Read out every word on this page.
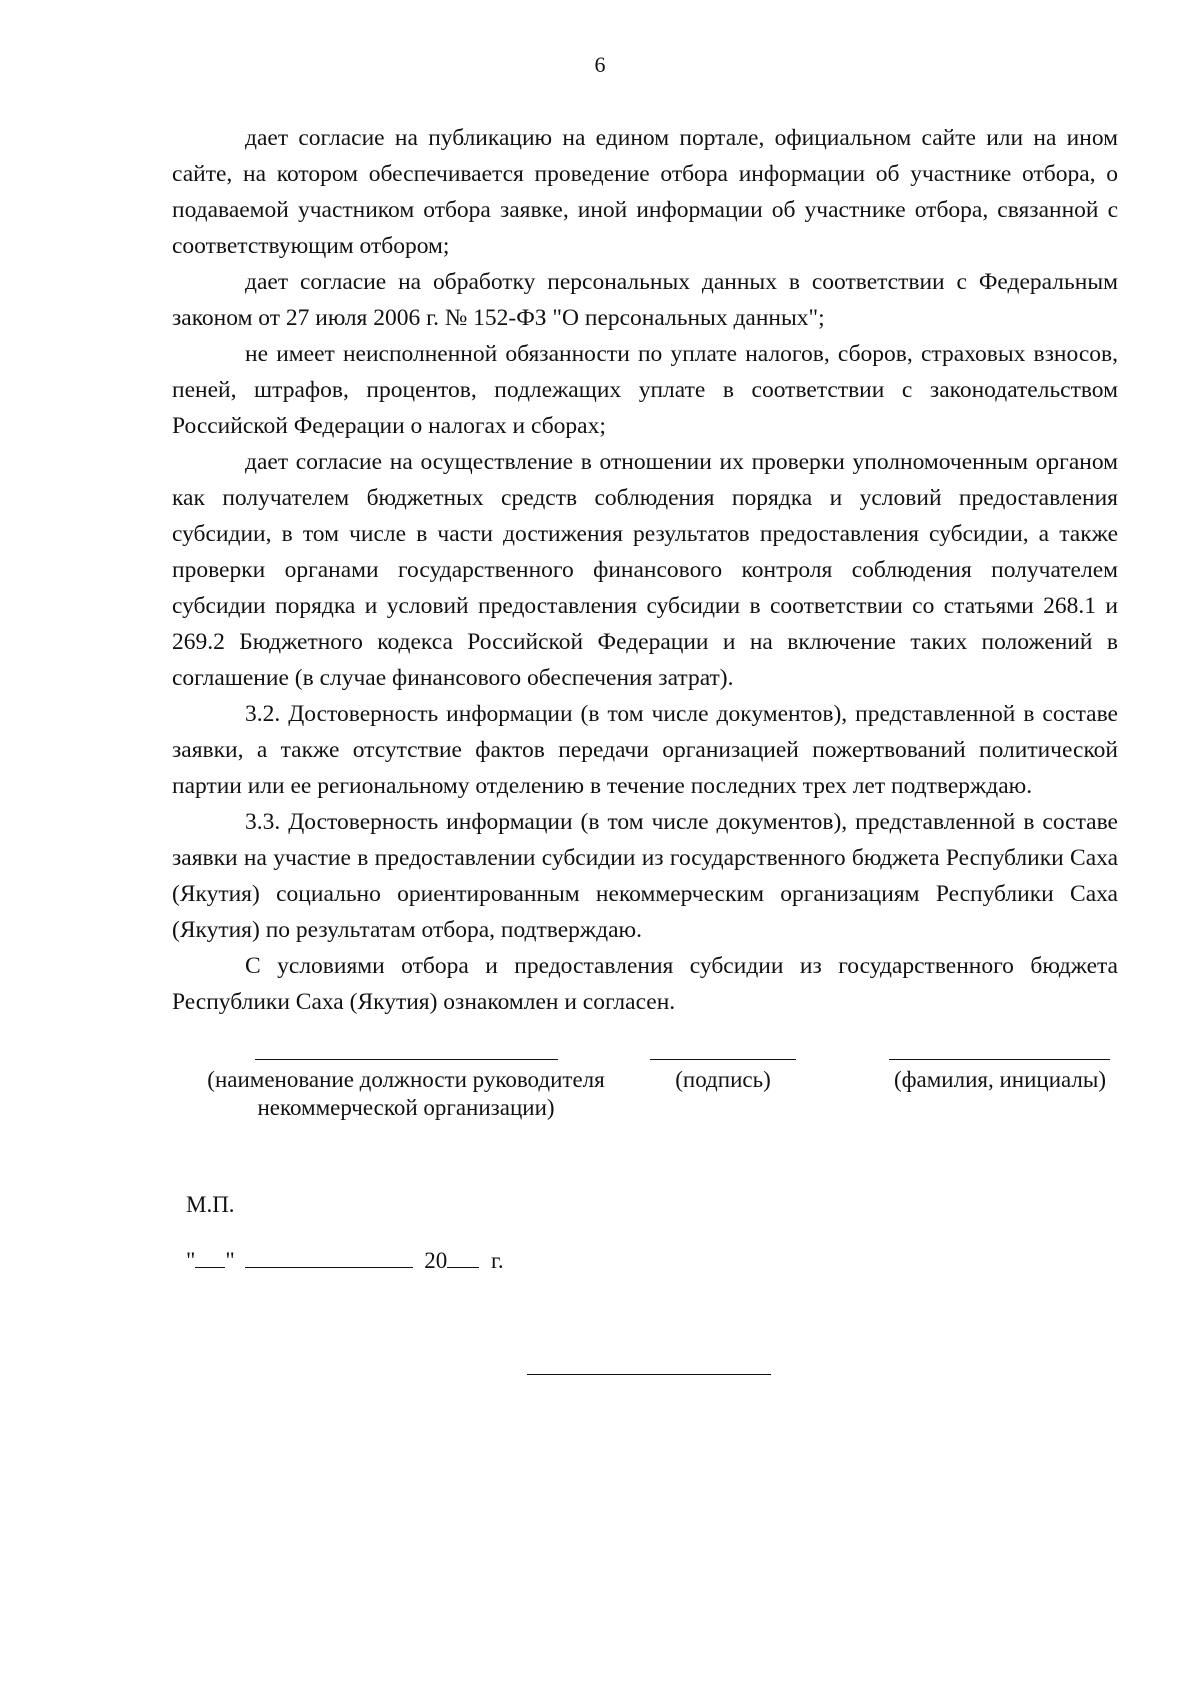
6

дает согласие на публикацию на едином портале, официальном сайте или на ином сайте, на котором обеспечивается проведение отбора информации об участнике отбора, о подаваемой участником отбора заявке, иной информации об участнике отбора, связанной с соответствующим отбором;

дает согласие на обработку персональных данных в соответствии с Федеральным законом от 27 июля 2006 г. № 152-ФЗ "О персональных данных";

не имеет неисполненной обязанности по уплате налогов, сборов, страховых взносов, пеней, штрафов, процентов, подлежащих уплате в соответствии с законодательством Российской Федерации о налогах и сборах;

дает согласие на осуществление в отношении их проверки уполномоченным органом как получателем бюджетных средств соблюдения порядка и условий предоставления субсидии, в том числе в части достижения результатов предоставления субсидии, а также проверки органами государственного финансового контроля соблюдения получателем субсидии порядка и условий предоставления субсидии в соответствии со статьями 268.1 и 269.2 Бюджетного кодекса Российской Федерации и на включение таких положений в соглашение (в случае финансового обеспечения затрат).

3.2. Достоверность информации (в том числе документов), представленной в составе заявки, а также отсутствие фактов передачи организацией пожертвований политической партии или ее региональному отделению в течение последних трех лет подтверждаю.

3.3. Достоверность информации (в том числе документов), представленной в составе заявки на участие в предоставлении субсидии из государственного бюджета Республики Саха (Якутия) социально ориентированным некоммерческим организациям Республики Саха (Якутия) по результатам отбора, подтверждаю.

С условиями отбора и предоставления субсидии из государственного бюджета Республики Саха (Якутия) ознакомлен и согласен.

(наименование должности руководителя
некоммерческой организации)
(подпись)	(фамилия, инициалы)
М.П.
" "	20 г.
